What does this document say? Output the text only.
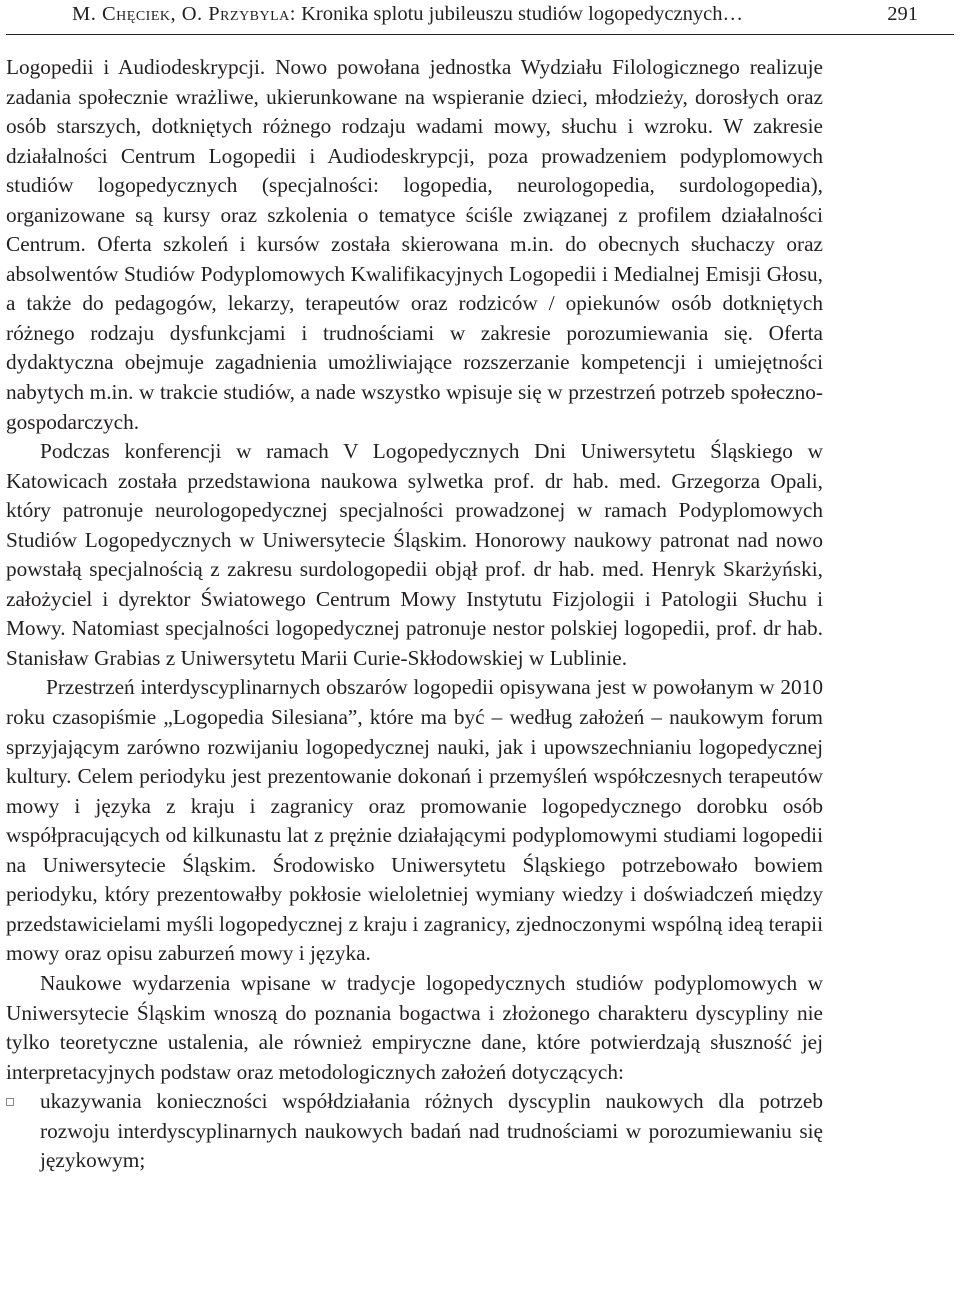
M. Chęciek, O. Przybyla: Kronika splotu jubileuszu studiów logopedycznych…	291

Logopedii i Audiodeskrypcji. Nowo powołana jednostka Wydziału Filologicznego realizuje zadania społecznie wrażliwe, ukierunkowane na wspieranie dzieci, młodzieży, dorosłych oraz osób starszych, dotkniętych różnego rodzaju wadami mowy, słuchu i wzroku. W zakresie działalności Centrum Logopedii i Audiodeskrypcji, poza prowadzeniem podyplomowych studiów logopedycznych (specjalności: logopedia, neurologopedia, surdologopedia), organizowane są kursy oraz szkolenia o tematyce ściśle związanej z profilem działalności Centrum. Oferta szkoleń i kursów została skierowana m.in. do obecnych słuchaczy oraz absolwentów Studiów Podyplomowych Kwalifikacyjnych Logopedii i Medialnej Emisji Głosu, a także do pedagogów, lekarzy, terapeutów oraz rodziców / opiekunów osób dotkniętych różnego rodzaju dysfunkcjami i trudnościami w zakresie porozumiewania się. Oferta dydaktyczna obejmuje zagadnienia umożliwiające rozszerzanie kompetencji i umiejętności nabytych m.in. w trakcie studiów, a nade wszystko wpisuje się w przestrzeń potrzeb społeczno-gospodarczych.

Podczas konferencji w ramach V Logopedycznych Dni Uniwersytetu Śląskiego w Katowicach została przedstawiona naukowa sylwetka prof. dr hab. med. Grzegorza Opali, który patronuje neurologopedycznej specjalności prowadzonej w ramach Podyplomowych Studiów Logopedycznych w Uniwersytecie Śląskim. Honorowy naukowy patronat nad nowo powstałą specjalnością z zakresu surdologopedii objął prof. dr hab. med. Henryk Skarżyński, założyciel i dyrektor Światowego Centrum Mowy Instytutu Fizjologii i Patologii Słuchu i Mowy. Natomiast specjalności logopedycznej patronuje nestor polskiej logopedii, prof. dr hab. Stanisław Grabias z Uniwersytetu Marii Curie-Skłodowskiej w Lublinie.

Przestrzeń interdyscyplinarnych obszarów logopedii opisywana jest w powołanym w 2010 roku czasopiśmie „Logopedia Silesiana”, które ma być – według założeń – naukowym forum sprzyjającym zarówno rozwijaniu logopedycznej nauki, jak i upowszechnianiu logopedycznej kultury. Celem periodyku jest prezentowanie dokonań i przemyśleń współczesnych terapeutów mowy i języka z kraju i zagranicy oraz promowanie logopedycznego dorobku osób współpracujących od kilkunastu lat z prężnie działającymi podyplomowymi studiami logopedii na Uniwersytecie Śląskim. Środowisko Uniwersytetu Śląskiego potrzebowało bowiem periodyku, który prezentowałby pokłosie wieloletniej wymiany wiedzy i doświadczeń między przedstawicielami myśli logopedycznej z kraju i zagranicy, zjednoczonymi wspólną ideą terapii mowy oraz opisu zaburzeń mowy i języka.

Naukowe wydarzenia wpisane w tradycje logopedycznych studiów podyplomowych w Uniwersytecie Śląskim wnoszą do poznania bogactwa i złożonego charakteru dyscypliny nie tylko teoretyczne ustalenia, ale również empiryczne dane, które potwierdzają słuszność jej interpretacyjnych podstaw oraz metodologicznych założeń dotyczących:

ukazywania konieczności współdziałania różnych dyscyplin naukowych dla potrzeb rozwoju interdyscyplinarnych naukowych badań nad trudnościami w porozumiewaniu się językowym;
